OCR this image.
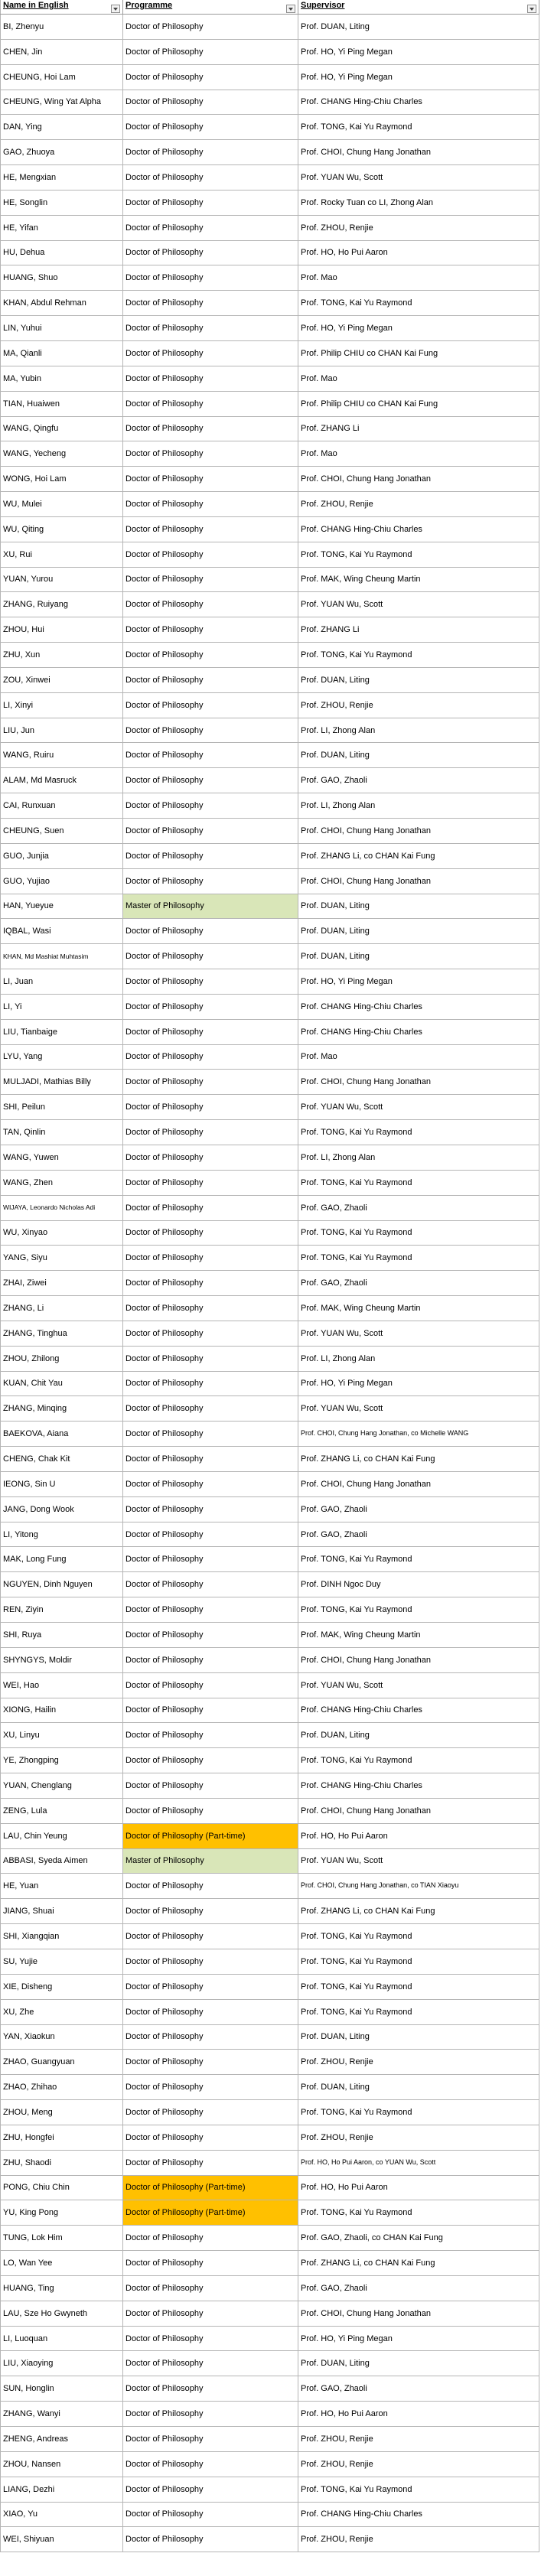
Name in English	Programme	Supervisor
BI, Zhenyu	Doctor of Philosophy	Prof. DUAN, Liting
CHEN, Jin	Doctor of Philosophy	Prof. HO, Yi Ping Megan
CHEUNG, Hoi Lam	Doctor of Philosophy	Prof. HO, Yi Ping Megan
CHEUNG, Wing Yat Alpha	Doctor of Philosophy	Prof. CHANG Hing-Chiu Charles
DAN, Ying	Doctor of Philosophy	Prof. TONG, Kai Yu Raymond
GAO, Zhuoya	Doctor of Philosophy	Prof. CHOI, Chung Hang Jonathan
HE, Mengxian	Doctor of Philosophy	Prof. YUAN Wu, Scott
HE, Songlin	Doctor of Philosophy	Prof. Rocky Tuan co LI, Zhong Alan
HE, Yifan	Doctor of Philosophy	Prof. ZHOU, Renjie
HU, Dehua	Doctor of Philosophy	Prof. HO, Ho Pui Aaron
HUANG, Shuo	Doctor of Philosophy	Prof. Mao
KHAN, Abdul Rehman	Doctor of Philosophy	Prof. TONG, Kai Yu Raymond
LIN, Yuhui	Doctor of Philosophy	Prof. HO, Yi Ping Megan
MA, Qianli	Doctor of Philosophy	Prof. Philip CHIU co CHAN Kai Fung
MA, Yubin	Doctor of Philosophy	Prof. Mao
TIAN, Huaiwen	Doctor of Philosophy	Prof. Philip CHIU co CHAN Kai Fung
WANG, Qingfu	Doctor of Philosophy	Prof. ZHANG Li
WANG, Yecheng	Doctor of Philosophy	Prof. Mao
WONG, Hoi Lam	Doctor of Philosophy	Prof. CHOI, Chung Hang Jonathan
WU, Mulei	Doctor of Philosophy	Prof. ZHOU, Renjie
WU, Qiting	Doctor of Philosophy	Prof. CHANG Hing-Chiu Charles
XU, Rui	Doctor of Philosophy	Prof. TONG, Kai Yu Raymond
YUAN, Yurou	Doctor of Philosophy	Prof. MAK, Wing Cheung Martin
ZHANG, Ruiyang	Doctor of Philosophy	Prof. YUAN Wu, Scott
ZHOU, Hui	Doctor of Philosophy	Prof. ZHANG Li
ZHU, Xun	Doctor of Philosophy	Prof. TONG, Kai Yu Raymond
ZOU, Xinwei	Doctor of Philosophy	Prof. DUAN, Liting
LI, Xinyi	Doctor of Philosophy	Prof. ZHOU, Renjie
LIU, Jun	Doctor of Philosophy	Prof. LI, Zhong Alan
WANG, Ruiru	Doctor of Philosophy	Prof. DUAN, Liting
ALAM, Md Masruck	Doctor of Philosophy	Prof. GAO, Zhaoli
CAI, Runxuan	Doctor of Philosophy	Prof. LI, Zhong Alan
CHEUNG, Suen	Doctor of Philosophy	Prof. CHOI, Chung Hang Jonathan
GUO, Junjia	Doctor of Philosophy	Prof. ZHANG Li, co CHAN Kai Fung
GUO, Yujiao	Doctor of Philosophy	Prof. CHOI, Chung Hang Jonathan
HAN, Yueyue	Master of Philosophy	Prof. DUAN, Liting
IQBAL, Wasi	Doctor of Philosophy	Prof. DUAN, Liting
KHAN, Md Mashiat Muhtasim	Doctor of Philosophy	Prof. DUAN, Liting
LI, Juan	Doctor of Philosophy	Prof. HO, Yi Ping Megan
LI, Yi	Doctor of Philosophy	Prof. CHANG Hing-Chiu Charles
LIU, Tianbaige	Doctor of Philosophy	Prof. CHANG Hing-Chiu Charles
LYU, Yang	Doctor of Philosophy	Prof. Mao
MULJADI, Mathias Billy	Doctor of Philosophy	Prof. CHOI, Chung Hang Jonathan
SHI, Peilun	Doctor of Philosophy	Prof. YUAN Wu, Scott
TAN, Qinlin	Doctor of Philosophy	Prof. TONG, Kai Yu Raymond
WANG, Yuwen	Doctor of Philosophy	Prof. LI, Zhong Alan
WANG, Zhen	Doctor of Philosophy	Prof. TONG, Kai Yu Raymond
WIJAYA, Leonardo Nicholas Adi	Doctor of Philosophy	Prof. GAO, Zhaoli
WU, Xinyao	Doctor of Philosophy	Prof. TONG, Kai Yu Raymond
YANG, Siyu	Doctor of Philosophy	Prof. TONG, Kai Yu Raymond
ZHAI, Ziwei	Doctor of Philosophy	Prof. GAO, Zhaoli
ZHANG, Li	Doctor of Philosophy	Prof. MAK, Wing Cheung Martin
ZHANG, Tinghua	Doctor of Philosophy	Prof. YUAN Wu, Scott
ZHOU, Zhilong	Doctor of Philosophy	Prof. LI, Zhong Alan
KUAN, Chit Yau	Doctor of Philosophy	Prof. HO, Yi Ping Megan
ZHANG, Minqing	Doctor of Philosophy	Prof. YUAN Wu, Scott
BAEKOVA, Aiana	Doctor of Philosophy	Prof. CHOI, Chung Hang Jonathan, co Michelle WANG
CHENG, Chak Kit	Doctor of Philosophy	Prof. ZHANG Li, co CHAN Kai Fung
IEONG, Sin U	Doctor of Philosophy	Prof. CHOI, Chung Hang Jonathan
JANG, Dong Wook	Doctor of Philosophy	Prof. GAO, Zhaoli
LI, Yitong	Doctor of Philosophy	Prof. GAO, Zhaoli
MAK, Long Fung	Doctor of Philosophy	Prof. TONG, Kai Yu Raymond
NGUYEN, Dinh Nguyen	Doctor of Philosophy	Prof. DINH Ngoc Duy
REN, Ziyin	Doctor of Philosophy	Prof. TONG, Kai Yu Raymond
SHI, Ruya	Doctor of Philosophy	Prof. MAK, Wing Cheung Martin
SHYNGYS, Moldir	Doctor of Philosophy	Prof. CHOI, Chung Hang Jonathan
WEI, Hao	Doctor of Philosophy	Prof. YUAN Wu, Scott
XIONG, Hailin	Doctor of Philosophy	Prof. CHANG Hing-Chiu Charles
XU, Linyu	Doctor of Philosophy	Prof. DUAN, Liting
YE, Zhongping	Doctor of Philosophy	Prof. TONG, Kai Yu Raymond
YUAN, Chenglang	Doctor of Philosophy	Prof. CHANG Hing-Chiu Charles
ZENG, Lula	Doctor of Philosophy	Prof. CHOI, Chung Hang Jonathan
LAU, Chin Yeung	Doctor of Philosophy (Part-time)	Prof. HO, Ho Pui Aaron
ABBASI, Syeda Aimen	Master of Philosophy	Prof. YUAN Wu, Scott
HE, Yuan	Doctor of Philosophy	Prof. CHOI, Chung Hang Jonathan, co TIAN Xiaoyu
JIANG, Shuai	Doctor of Philosophy	Prof. ZHANG Li, co CHAN Kai Fung
SHI, Xiangqian	Doctor of Philosophy	Prof. TONG, Kai Yu Raymond
SU, Yujie	Doctor of Philosophy	Prof. TONG, Kai Yu Raymond
XIE, Disheng	Doctor of Philosophy	Prof. TONG, Kai Yu Raymond
XU, Zhe	Doctor of Philosophy	Prof. TONG, Kai Yu Raymond
YAN, Xiaokun	Doctor of Philosophy	Prof. DUAN, Liting
ZHAO, Guangyuan	Doctor of Philosophy	Prof. ZHOU, Renjie
ZHAO, Zhihao	Doctor of Philosophy	Prof. DUAN, Liting
ZHOU, Meng	Doctor of Philosophy	Prof. TONG, Kai Yu Raymond
ZHU, Hongfei	Doctor of Philosophy	Prof. ZHOU, Renjie
ZHU, Shaodi	Doctor of Philosophy	Prof. HO, Ho Pui Aaron, co YUAN Wu, Scott
PONG, Chiu Chin	Doctor of Philosophy (Part-time)	Prof. HO, Ho Pui Aaron
YU, King Pong	Doctor of Philosophy (Part-time)	Prof. TONG, Kai Yu Raymond
TUNG, Lok Him	Doctor of Philosophy	Prof. GAO, Zhaoli, co CHAN Kai Fung
LO, Wan Yee	Doctor of Philosophy	Prof. ZHANG Li, co CHAN Kai Fung
HUANG, Ting	Doctor of Philosophy	Prof. GAO, Zhaoli
LAU, Sze Ho Gwyneth	Doctor of Philosophy	Prof. CHOI, Chung Hang Jonathan
LI, Luoquan	Doctor of Philosophy	Prof. HO, Yi Ping Megan
LIU, Xiaoying	Doctor of Philosophy	Prof. DUAN, Liting
SUN, Honglin	Doctor of Philosophy	Prof. GAO, Zhaoli
ZHANG, Wanyi	Doctor of Philosophy	Prof. HO, Ho Pui Aaron
ZHENG, Andreas	Doctor of Philosophy	Prof. ZHOU, Renjie
ZHOU, Nansen	Doctor of Philosophy	Prof. ZHOU, Renjie
LIANG, Dezhi	Doctor of Philosophy	Prof. TONG, Kai Yu Raymond
XIAO, Yu	Doctor of Philosophy	Prof. CHANG Hing-Chiu Charles
WEI, Shiyuan	Doctor of Philosophy	Prof. ZHOU, Renjie
